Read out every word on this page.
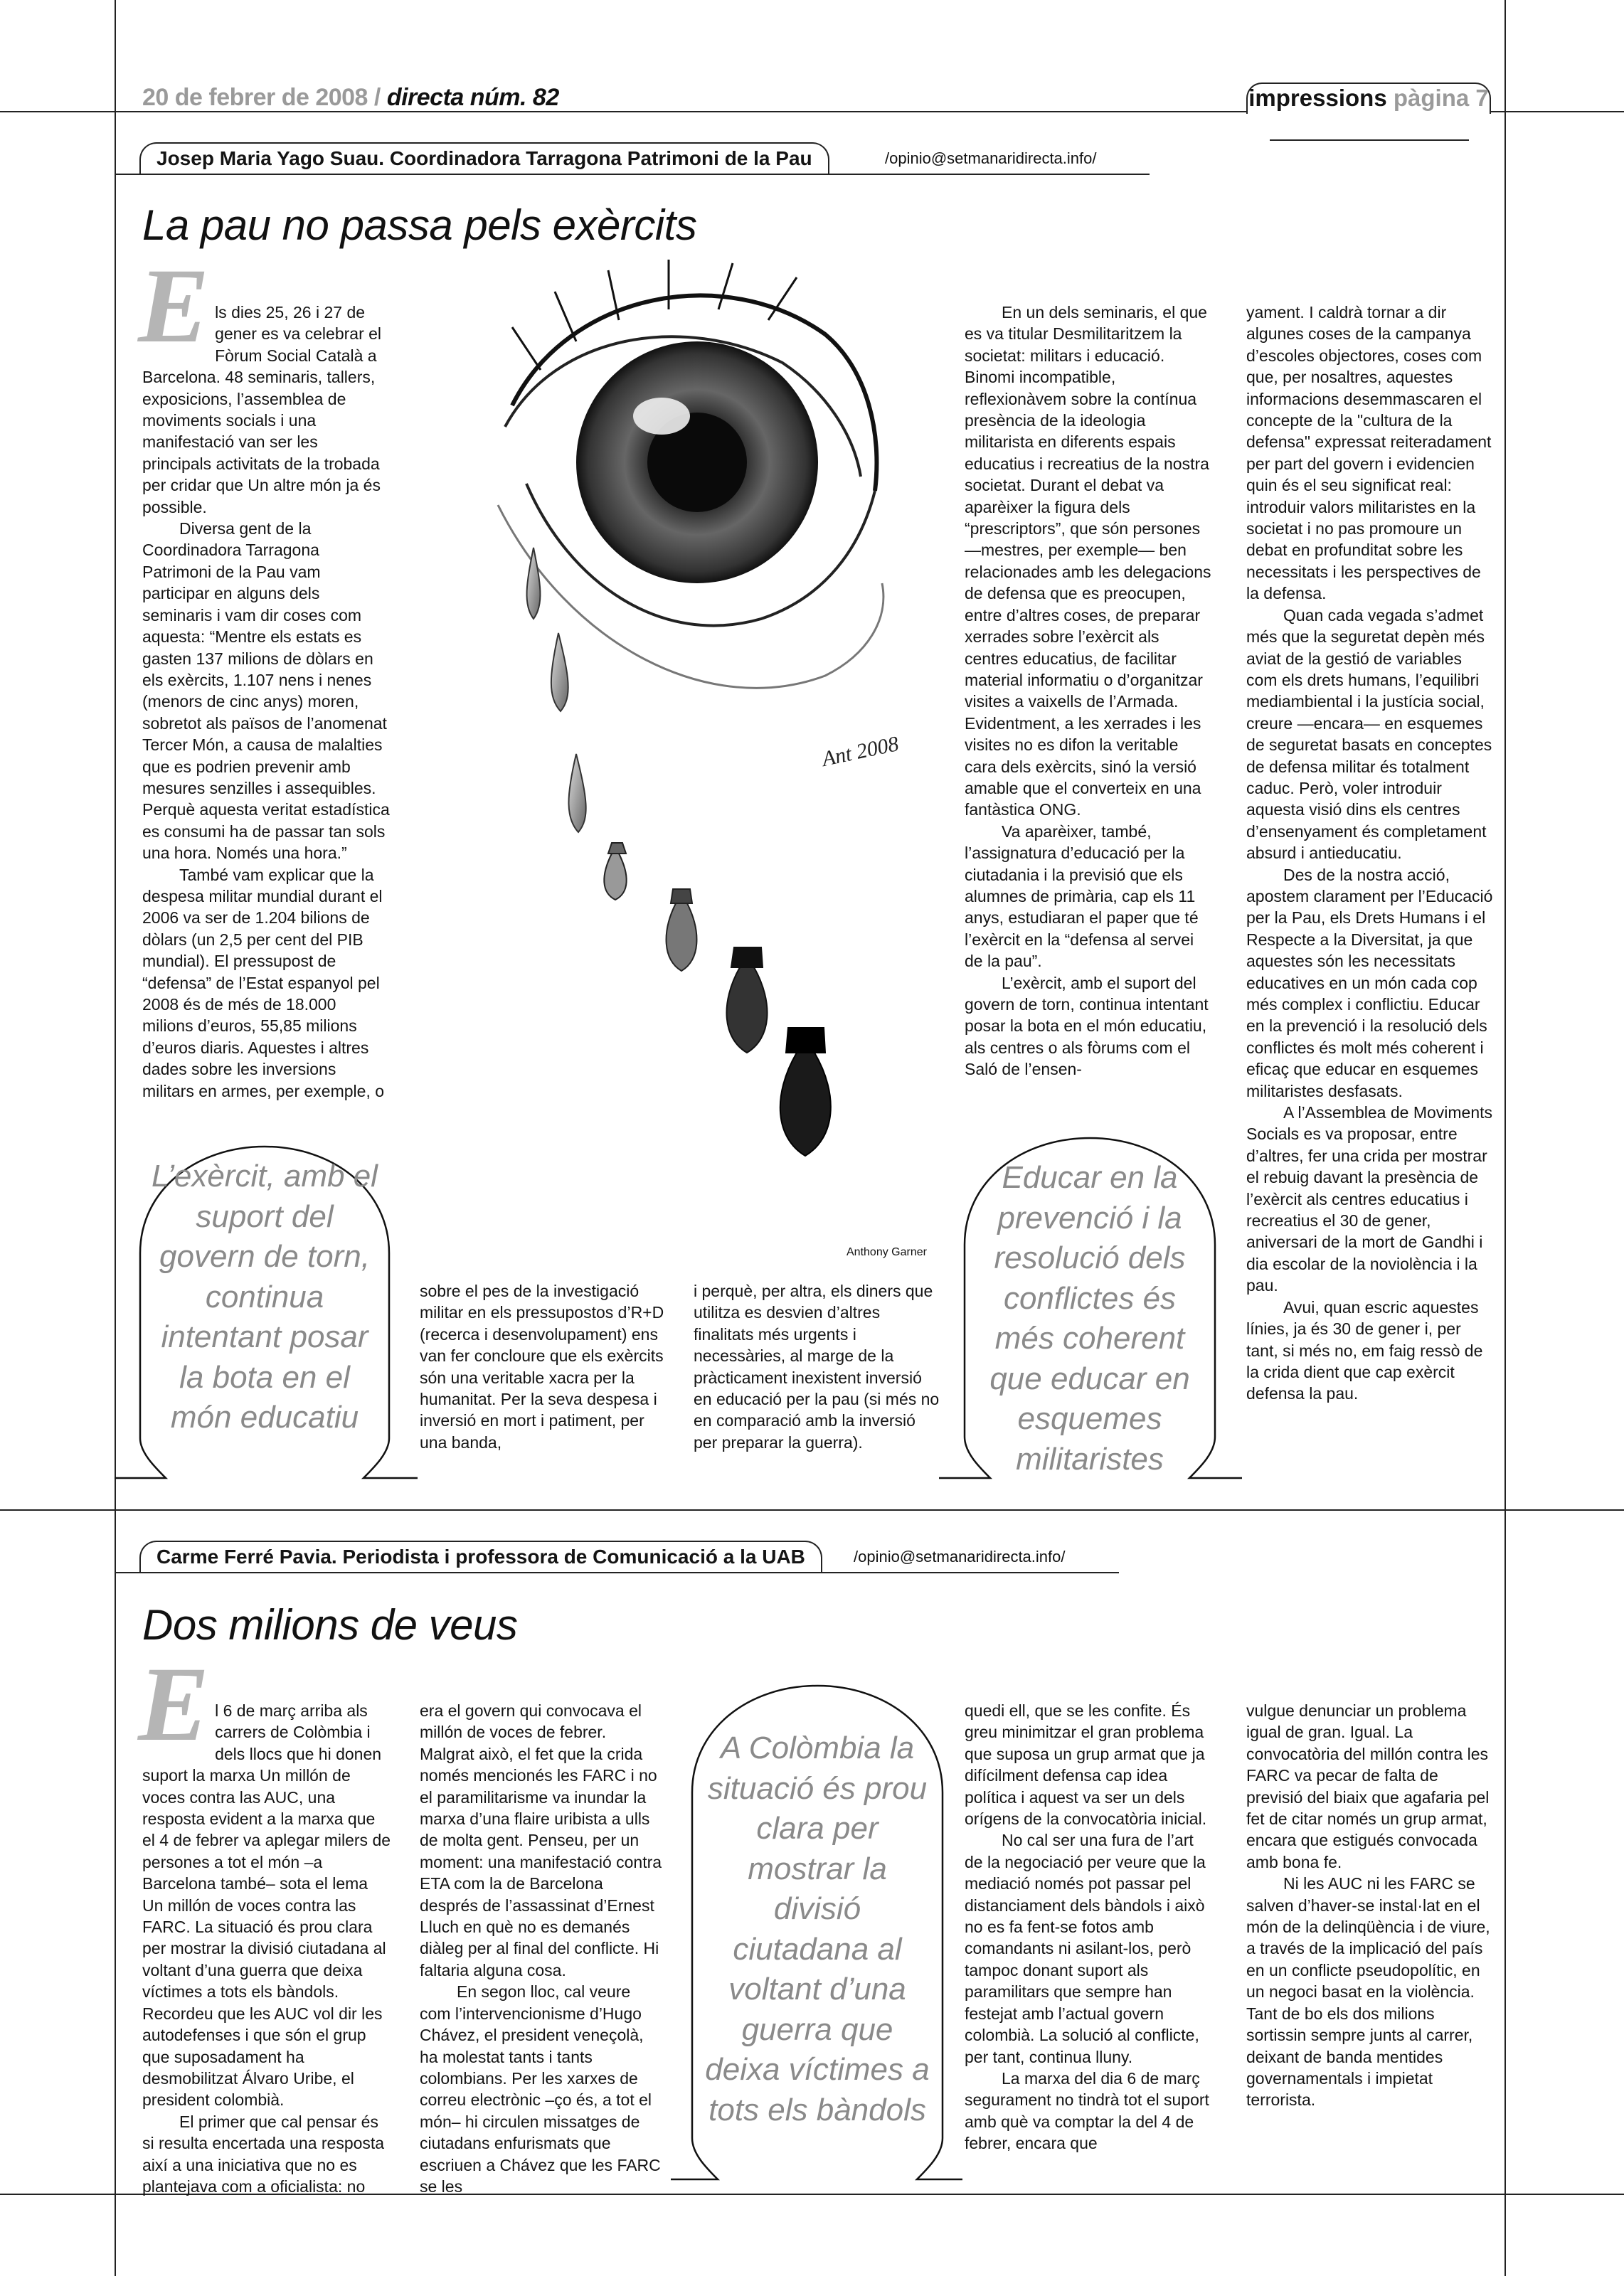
20 de febrer de 2008 / directa núm. 82	impressions pàgina 7
Josep Maria Yago Suau. Coordinadora Tarragona Patrimoni de la Pau	/opinio@setmanaridirecta.info/
La pau no passa pels exèrcits
E ls dies 25, 26 i 27 de gener es va celebrar el Fòrum Social Català a Barcelona. 48 seminaris, tallers, exposicions, l’assemblea de moviments socials i una manifestació van ser les principals activitats de la trobada per cridar que Un altre món ja és possible.

Diversa gent de la Coordinadora Tarragona Patrimoni de la Pau vam participar en alguns dels seminaris i vam dir coses com aquesta: “Mentre els estats es gasten 137 milions de dòlars en els exèrcits, 1.107 nens i nenes (menors de cinc anys) moren, sobretot als països de l’anomenat Tercer Món, a causa de malalties que es podrien prevenir amb mesures senzilles i assequibles. Perquè aquesta veritat estadística es consumi ha de passar tan sols una hora. Només una hora.”

També vam explicar que la despesa militar mundial durant el 2006 va ser de 1.204 bilions de dòlars (un 2,5 per cent del PIB mundial). El pressupost de “defensa” de l’Estat espanyol pel 2008 és de més de 18.000 milions d’euros, 55,85 milions d’euros diaris. Aquestes i altres dades sobre les inversions militars en armes, per exemple, o

Ant 2008
Anthony Garner

sobre el pes de la investigació militar en els pressupostos d’R+D (recerca i desenvolupament) ens van fer concloure que els exèrcits són una veritable xacra per la humanitat. Per la seva despesa i inversió en mort i patiment, per una banda,

i perquè, per altra, els diners que utilitza es desvien d’altres finalitats més urgents i necessàries, al marge de la pràcticament inexistent inversió en educació per la pau (si més no en comparació amb la inversió per preparar la guerra).

En un dels seminaris, el que es va titular Desmilitaritzem la societat: militars i educació. Binomi incompatible, reflexionàvem sobre la contínua presència de la ideologia militarista en diferents espais educatius i recreatius de la nostra societat. Durant el debat va aparèixer la figura dels “prescriptors”, que són persones —mestres, per exemple— ben relacionades amb les delegacions de defensa que es preocupen, entre d’altres coses, de preparar xerrades sobre l’exèrcit als centres educatius, de facilitar material informatiu o d’organitzar visites a vaixells de l’Armada. Evidentment, a les xerrades i les visites no es difon la veritable cara dels exèrcits, sinó la versió amable que el converteix en una fantàstica ONG.

Va aparèixer, també, l’assignatura d’educació per la ciutadania i la previsió que els alumnes de primària, cap els 11 anys, estudiaran el paper que té l’exèrcit en la “defensa al servei de la pau”.

L’exèrcit, amb el suport del govern de torn, continua intentant posar la bota en el món educatiu, als centres o als fòrums com el Saló de l’ensen-

yament. I caldrà tornar a dir algunes coses de la campanya d’escoles objectores, coses com que, per nosaltres, aquestes informacions desemmascaren el concepte de la "cultura de la defensa" expressat reiteradament per part del govern i evidencien quin és el seu significat real: introduir valors militaristes en la societat i no pas promoure un debat en profunditat sobre les necessitats i les perspectives de la defensa.

Quan cada vegada s’admet més que la seguretat depèn més aviat de la gestió de variables com els drets humans, l’equilibri mediambiental i la justícia social, creure —encara— en esquemes de seguretat basats en conceptes de defensa militar és totalment caduc. Però, voler introduir aquesta visió dins els centres d’ensenyament és completament absurd i antieducatiu.

Des de la nostra acció, apostem clarament per l’Educació per la Pau, els Drets Humans i el Respecte a la Diversitat, ja que aquestes són les necessitats educatives en un món cada cop més complex i conflictiu. Educar en la prevenció i la resolució dels conflictes és molt més coherent i eficaç que educar en esquemes militaristes desfasats.

A l’Assemblea de Moviments Socials es va proposar, entre d’altres, fer una crida per mostrar el rebuig davant la presència de l’exèrcit als centres educatius i recreatius el 30 de gener, aniversari de la mort de Gandhi i dia escolar de la noviolència i la pau.

Avui, quan escric aquestes línies, ja és 30 de gener i, per tant, si més no, em faig ressò de la crida dient que cap exèrcit defensa la pau.

L’exèrcit, amb el suport del govern de torn, continua intentant posar la bota en el món educatiu
Educar en la prevenció i la resolució dels conflictes és més coherent que educar en esquemes militaristes
Carme Ferré Pavia. Periodista i professora de Comunicació a la UAB	/opinio@setmanaridirecta.info/
Dos milions de veus
E l 6 de març arriba als carrers de Colòmbia i dels llocs que hi donen suport la marxa Un millón de voces contra las AUC, una resposta evident a la marxa que el 4 de febrer va aplegar milers de persones a tot el món –a Barcelona també– sota el lema Un millón de voces contra las FARC. La situació és prou clara per mostrar la divisió ciutadana al voltant d’una guerra que deixa víctimes a tots els bàndols. Recordeu que les AUC vol dir les autodefenses i que són el grup que suposadament ha desmobilitzat Álvaro Uribe, el president colombià.

El primer que cal pensar és si resulta encertada una resposta així a una iniciativa que no es plantejava com a oficialista: no

era el govern qui convocava el millón de voces de febrer. Malgrat això, el fet que la crida només mencionés les FARC i no el paramilitarisme va inundar la marxa d’una flaire uribista a ulls de molta gent. Penseu, per un moment: una manifestació contra ETA com la de Barcelona després de l’assassinat d’Ernest Lluch en què no es demanés diàleg per al final del conflicte. Hi faltaria alguna cosa.

En segon lloc, cal veure com l’intervencionisme d’Hugo Chávez, el president veneçolà, ha molestat tants i tants colombians. Per les xarxes de correu electrònic –ço és, a tot el món– hi circulen missatges de ciutadans enfurismats que escriuen a Chávez que les FARC se les

A Colòmbia la situació és prou clara per mostrar la divisió ciutadana al voltant d’una guerra que deixa víctimes a tots els bàndols

quedi ell, que se les confite. És greu minimitzar el gran problema que suposa un grup armat que ja difícilment defensa cap idea política i aquest va ser un dels orígens de la convocatòria inicial.

No cal ser una fura de l’art de la negociació per veure que la mediació només pot passar pel distanciament dels bàndols i això no es fa fent-se fotos amb comandants ni asilant-los, però tampoc donant suport als paramilitars que sempre han festejat amb l’actual govern colombià. La solució al conflicte, per tant, continua lluny.

La marxa del dia 6 de març segurament no tindrà tot el suport amb què va comptar la del 4 de febrer, encara que

vulgue denunciar un problema igual de gran. Igual. La convocatòria del millón contra les FARC va pecar de falta de previsió del biaix que agafaria pel fet de citar només un grup armat, encara que estigués convocada amb bona fe.

Ni les AUC ni les FARC se salven d’haver-se instal·lat en el món de la delinqüència i de viure, a través de la implicació del país en un conflicte pseudopolític, en un negoci basat en la violència. Tant de bo els dos milions sortissin sempre junts al carrer, deixant de banda mentides governamentals i impietat terrorista.
